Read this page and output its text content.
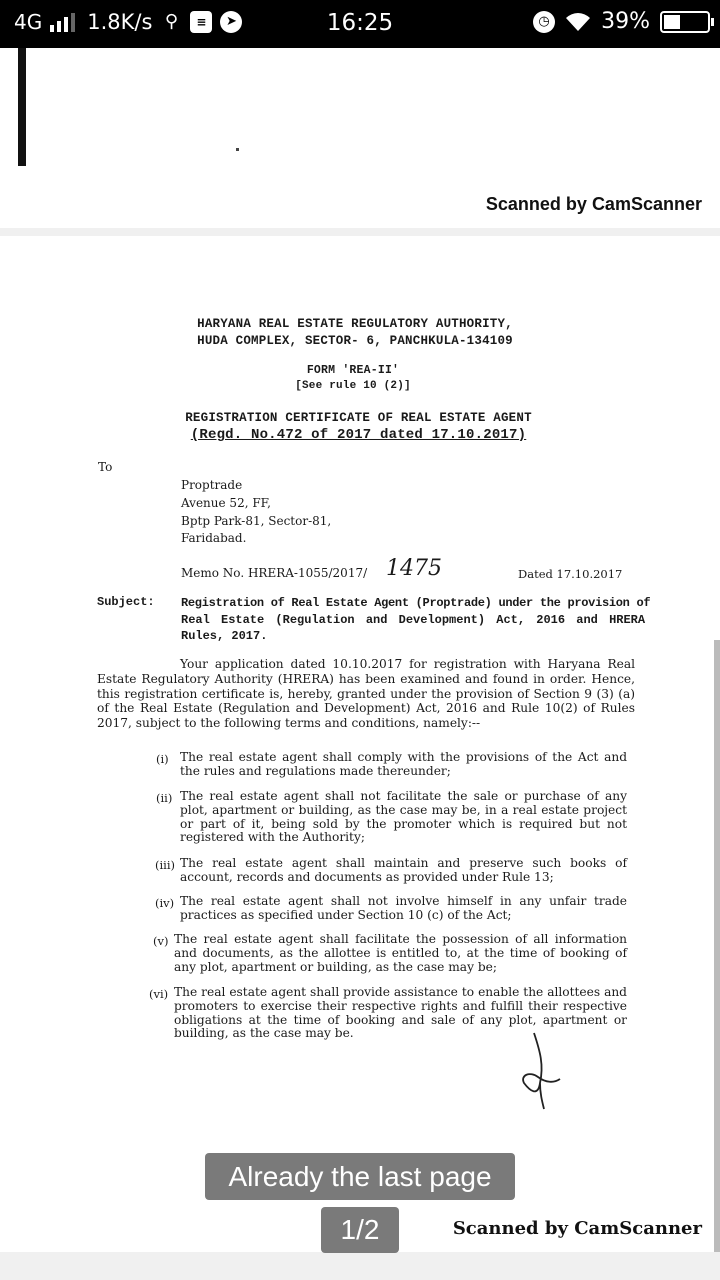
4G 1.8K/s ⚲	≡	➤	16:25	◷ 39%	⚡
Scanned by CamScanner
HARYANA REAL ESTATE REGULATORY AUTHORITY,
HUDA COMPLEX, SECTOR- 6, PANCHKULA-134109
FORM 'REA-II'
[See rule 10 (2)]
REGISTRATION CERTIFICATE OF REAL ESTATE AGENT
(Regd. No.472 of 2017 dated 17.10.2017)
To
Proptrade
Avenue 52, FF,
Bptp Park-81, Sector-81,
Faridabad.
Memo No. HRERA-1055/2017/ 1475	Dated 17.10.2017
Subject: Registration of Real Estate Agent (Proptrade) under the provision of
Real Estate (Regulation and Development) Act, 2016 and HRERA
Rules, 2017.
Your application dated 10.10.2017 for registration with Haryana Real Estate Regulatory Authority (HRERA) has been examined and found in order. Hence, this registration certificate is, hereby, granted under the provision of Section 9 (3) (a) of the Real Estate (Regulation and Development) Act, 2016 and Rule 10(2) of Rules 2017, subject to the following terms and conditions, namely:--
(i) The real estate agent shall comply with the provisions of the Act and the rules and regulations made thereunder;
(ii) The real estate agent shall not facilitate the sale or purchase of any plot, apartment or building, as the case may be, in a real estate project or part of it, being sold by the promoter which is required but not registered with the Authority;
(iii) The real estate agent shall maintain and preserve such books of account, records and documents as provided under Rule 13;
(iv) The real estate agent shall not involve himself in any unfair trade practices as specified under Section 10 (c) of the Act;
(v) The real estate agent shall facilitate the possession of all information and documents, as the allottee is entitled to, at the time of booking of any plot, apartment or building, as the case may be;
(vi) The real estate agent shall provide assistance to enable the allottees and promoters to exercise their respective rights and fulfill their respective obligations at the time of booking and sale of any plot, apartment or building, as the case may be.
Scanned by CamScanner
Already the last page
1/2
